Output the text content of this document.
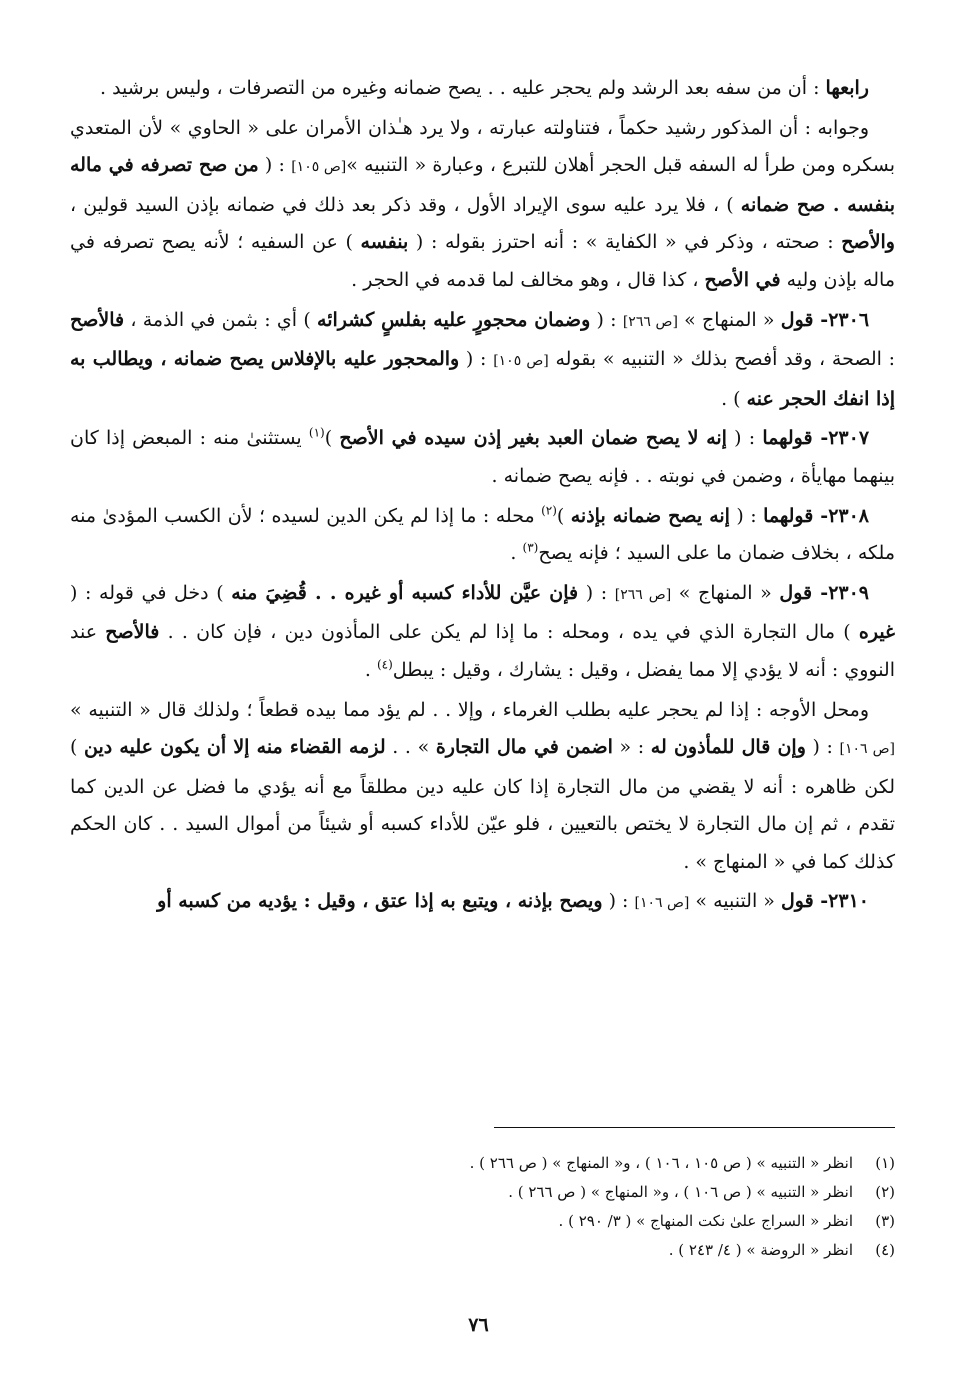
رابعها : أن من سفه بعد الرشد ولم يحجر عليه . . يصح ضمانه وغيره من التصرفات ، وليس برشيد .

وجوابه : أن المذكور رشيد حكماً ، فتناولته عبارته ، ولا يرد هـٰذان الأمران على « الحاوي » لأن المتعدي بسكره ومن طرأ له السفه قبل الحجر أهلان للتبرع ، وعبارة « التنبيه »[ص ١٠٥] : ( من صح تصرفه في ماله بنفسه . صح ضمانه ) ، فلا يرد عليه سوى الإيراد الأول ، وقد ذكر بعد ذلك في ضمانه بإذن السيد قولين ، والأصح : صحته ، وذكر في « الكفاية » : أنه احترز بقوله : ( بنفسه ) عن السفيه ؛ لأنه يصح تصرفه في ماله بإذن وليه في الأصح ، كذا قال ، وهو مخالف لما قدمه في الحجر .

٢٣٠٦- قول « المنهاج » [ص ٢٦٦] : ( وضمان محجورٍ عليه بفلسٍ كشرائه ) أي : بثمن في الذمة ، فالأصح : الصحة ، وقد أفصح بذلك « التنبيه » بقوله [ص ١٠٥] : ( والمحجور عليه بالإفلاس يصح ضمانه ، ويطالب به إذا انفك الحجر عنه ) .

٢٣٠٧- قولهما : ( إنه لا يصح ضمان العبد بغير إذن سيده في الأصح )$^{(١)}$ يستثنىٰ منه : المبعض إذا كان بينهما مهايأة ، وضمن في نوبته . . فإنه يصح ضمانه .

٢٣٠٨- قولهما : ( إنه يصح ضمانه بإذنه )$^{(٢)}$ محله : ما إذا لم يكن الدين لسيده ؛ لأن الكسب المؤدىٰ منه ملكه ، بخلاف ضمان ما على السيد ؛ فإنه يصح$^{(٣)}$ .

٢٣٠٩- قول « المنهاج » [ص ٢٦٦] : ( فإن عيَّن للأداء كسبه أو غيره . . قُضِيَ منه ) دخل في قوله : ( غيره ) مال التجارة الذي في يده ، ومحله : ما إذا لم يكن على المأذون دين ، فإن كان . . فالأصح عند النووي : أنه لا يؤدي إلا مما يفضل ، وقيل : يشارك ، وقيل : يبطل$^{(٤)}$ .

ومحل الأوجه : إذا لم يحجر عليه بطلب الغرماء ، وإلا . . لم يؤد مما بيده قطعاً ؛ ولذلك قال « التنبيه » [ص ١٠٦] : ( وإن قال للمأذون له : « اضمن في مال التجارة » . . لزمه القضاء منه إلا أن يكون عليه دين ) لكن ظاهره : أنه لا يقضي من مال التجارة إذا كان عليه دين مطلقاً مع أنه يؤدي ما فضل عن الدين كما تقدم ، ثم إن مال التجارة لا يختص بالتعيين ، فلو عيّن للأداء كسبه أو شيئاً من أموال السيد . . كان الحكم كذلك كما في « المنهاج » .

٢٣١٠- قول « التنبيه » [ص ١٠٦] : ( ويصح بإذنه ، ويتبع به إذا عتق ، وقيل : يؤديه من كسبه أو

(١)
انظر « التنبيه » ( ص ١٠٥ ، ١٠٦ ) ، و« المنهاج » ( ص ٢٦٦ ) .
(٢)
انظر « التنبيه » ( ص ١٠٦ ) ، و« المنهاج » ( ص ٢٦٦ ) .
(٣)
انظر « السراج علىٰ نكت المنهاج » ( ٣/ ٢٩٠ ) .
(٤)
انظر « الروضة » ( ٤/ ٢٤٣ ) .
٧٦
